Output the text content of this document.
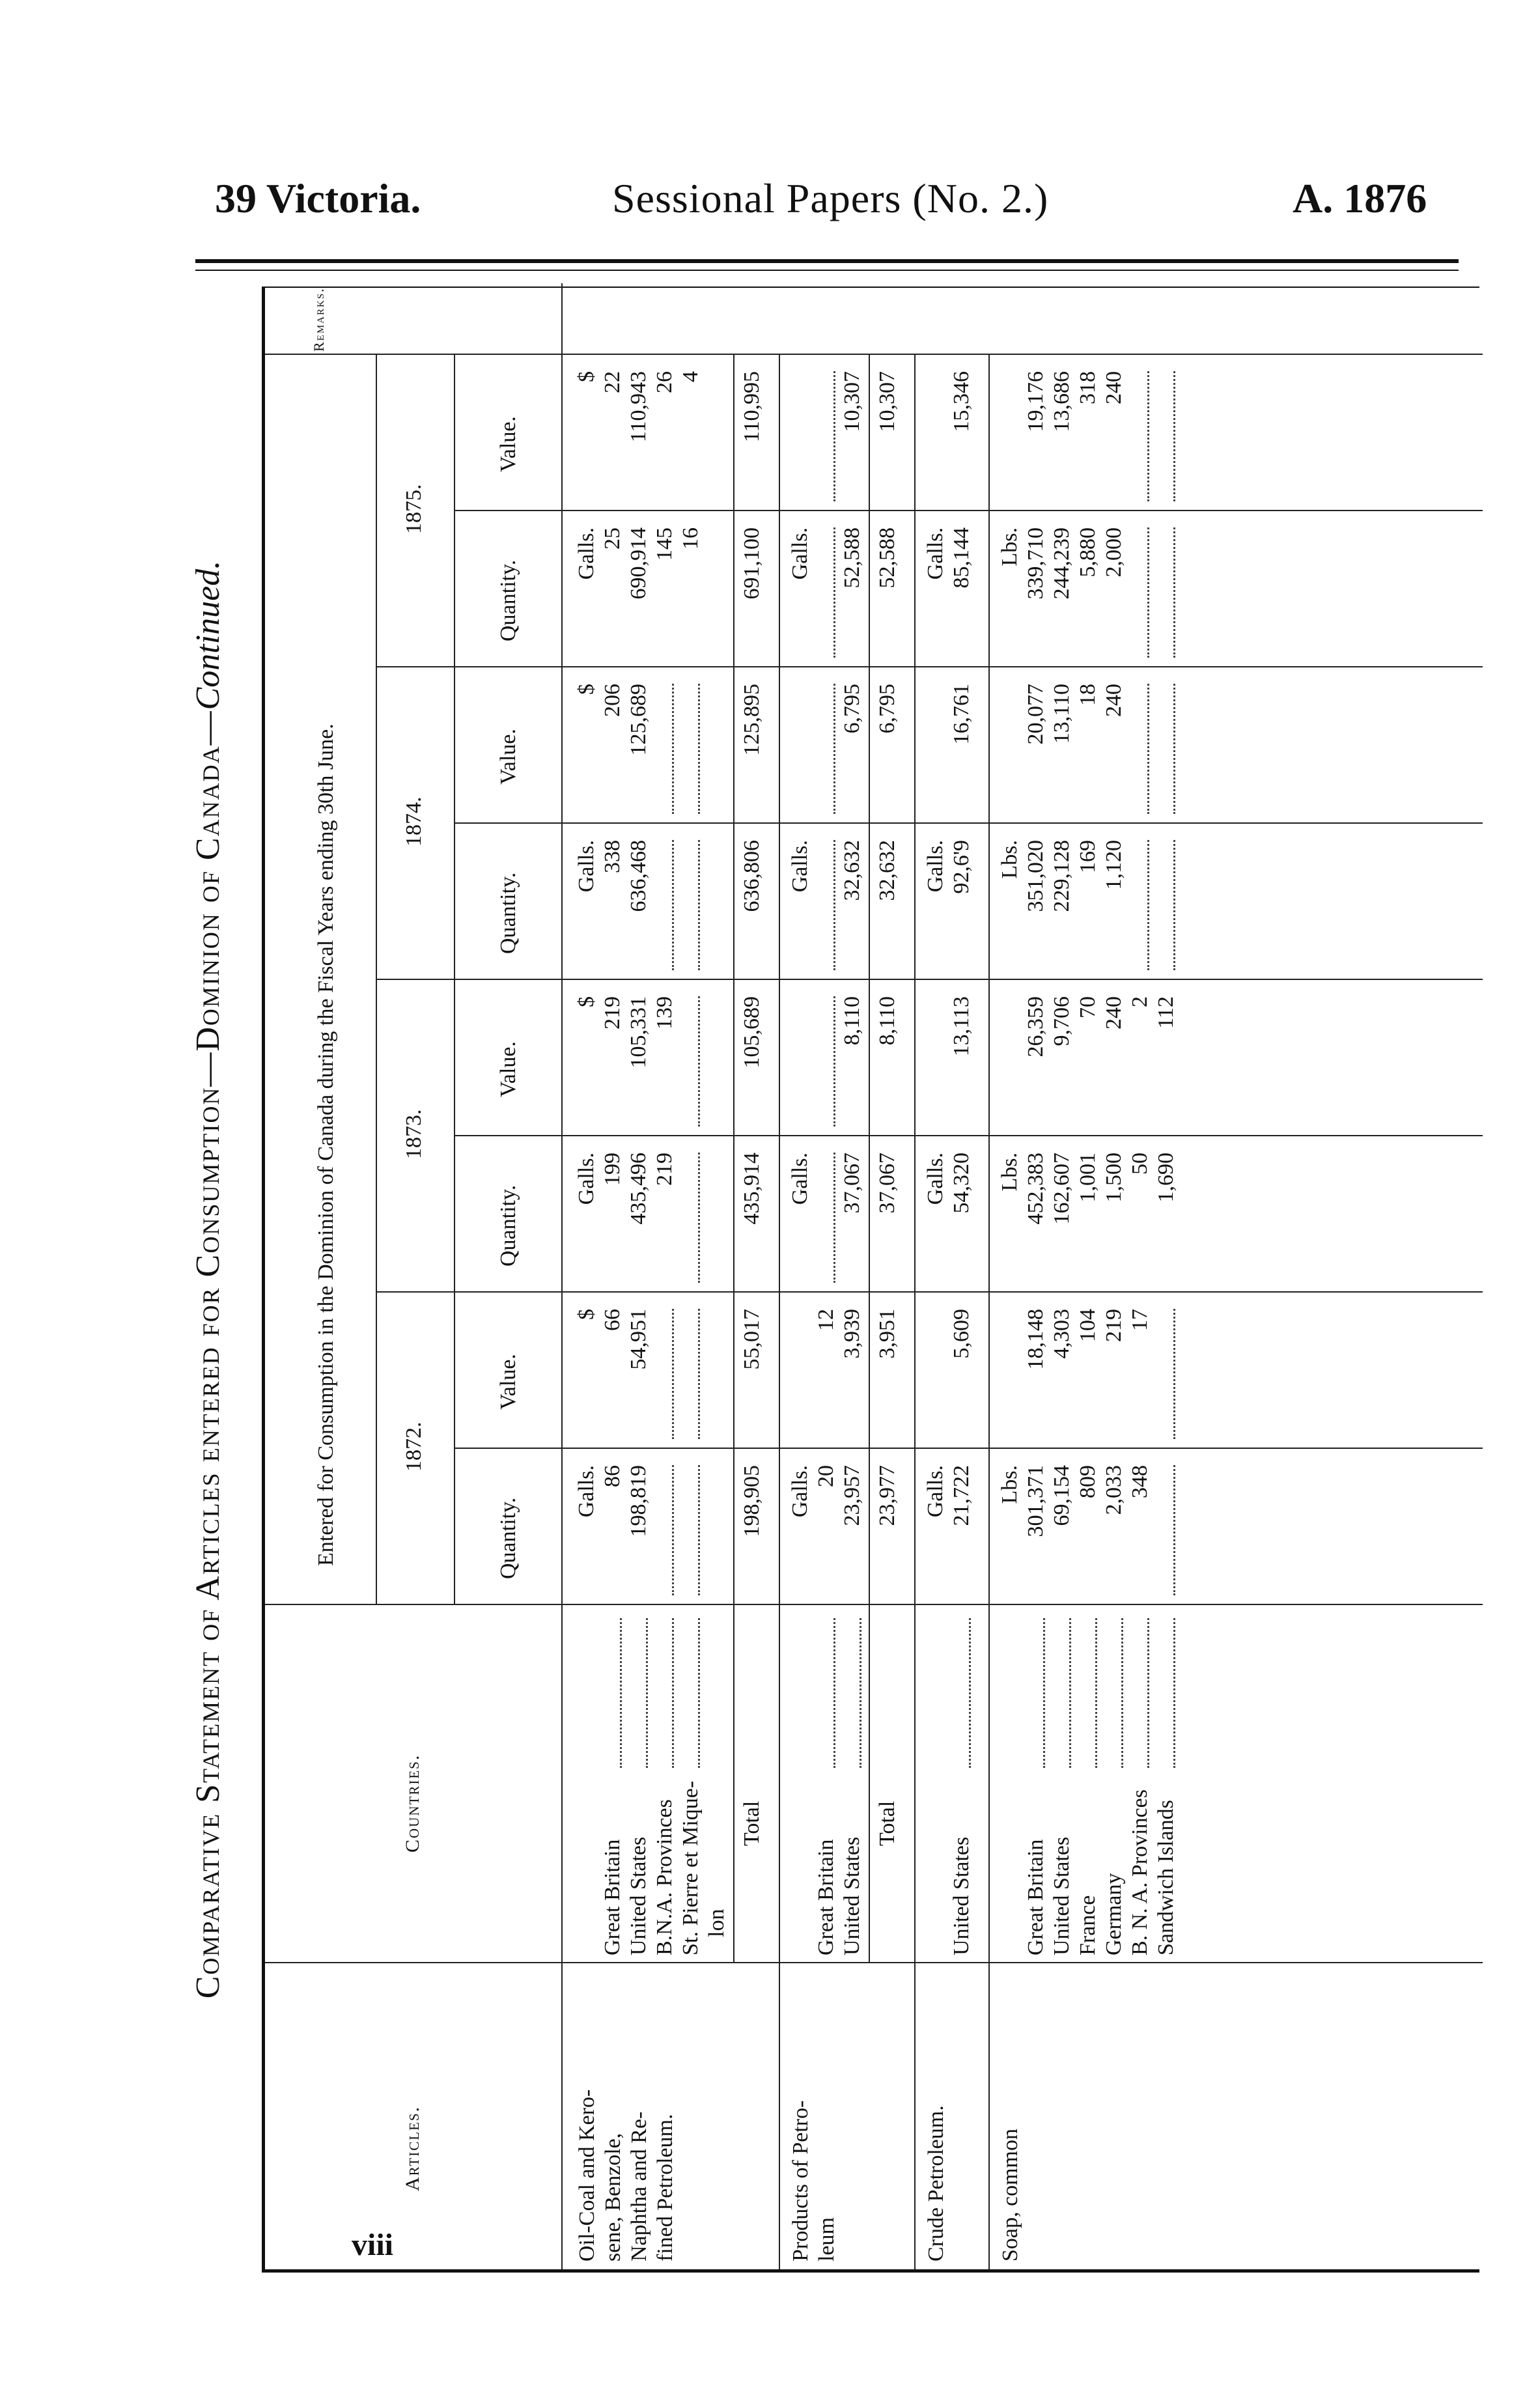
39 Victoria.	Sessional Papers (No. 2.)	A. 1876
Comparative Statement of Articles entered for Consumption—Dominion of Canada—Continued.
Articles.
Countries.
Entered for Consumption in the Dominion of Canada during the Fiscal Years ending 30th June.
Remarks.
1872.
Quantity.
Value.
1873.
Quantity.
Value.
1874.
Quantity.
Value.
1875.
Quantity.
Value.
Oil-Coal and Kero- sene, Benzole, Naphtha and Re- fined Petroleum.
Galls.
$
Galls.
$
Galls.
$
Galls.
$
Great Britain
86
66
199
219
338
206
25
22
United States
198,819
54,951
435,496
105,331
636,468
125,689
690,914
110,943
B.N.A. Provinces
219
139
145
26
St. Pierre et Mique-
16
4
lon
Total
198,905
55,017
435,914
105,689
636,806
125,895
691,100
110,995
Products of Petro- leum
Galls.
Galls.
Galls.
Galls.
Great Britain
20
12
United States
23,957
3,939
37,067
8,110
32,632
6,795
52,588
10,307
Total
23,977
3,951
37,067
8,110
32,632
6,795
52,588
10,307
Crude Petroleum.
Galls.
Galls.
Galls.
Galls.
United States
21,722
5,609
54,320
13,113
92,6'9
16,761
85,144
15,346
Soap, common
Lbs.
Lbs.
Lbs.
Lbs.
Great Britain
301,371
18,148
452,383
26,359
351,020
20,077
339,710
19,176
United States
69,154
4,303
162,607
9,706
229,128
13,110
244,239
13,686
France
809
104
1,001
70
169
18
5,880
318
Germany
2,033
219
1,500
240
1,120
240
2,000
240
B. N. A. Provinces
348
17
50
2
Sandwich Islands
1,690
112
viii
